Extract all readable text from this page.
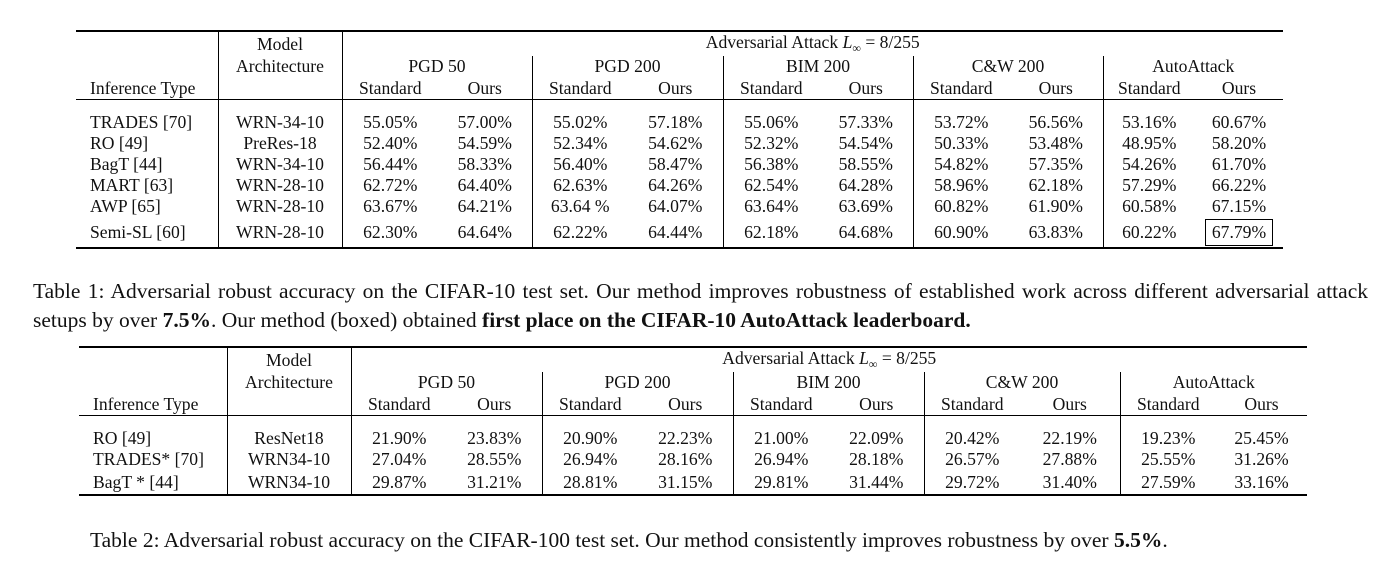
	Model	Adversarial Attack $L_\infty = 8/255$									
	Architecture	PGD 50		PGD 200		BIM 200		C&W 200		AutoAttack	
Inference Type		Standard	Ours	Standard	Ours	Standard	Ours	Standard	Ours	Standard	Ours

TRADES [70]	WRN-34-10	55.05%	57.00%	55.02%	57.18%	55.06%	57.33%	53.72%	56.56%	53.16%	60.67%
RO [49]	PreRes-18	52.40%	54.59%	52.34%	54.62%	52.32%	54.54%	50.33%	53.48%	48.95%	58.20%
BagT [44]	WRN-34-10	56.44%	58.33%	56.40%	58.47%	56.38%	58.55%	54.82%	57.35%	54.26%	61.70%
MART [63]	WRN-28-10	62.72%	64.40%	62.63%	64.26%	62.54%	64.28%	58.96%	62.18%	57.29%	66.22%
AWP [65]	WRN-28-10	63.67%	64.21%	63.64 %	64.07%	63.64%	63.69%	60.82%	61.90%	60.58%	67.15%
Semi-SL [60]	WRN-28-10	62.30%	64.64%	62.22%	64.44%	62.18%	64.68%	60.90%	63.83%	60.22%	67.79%
Table 1: Adversarial robust accuracy on the CIFAR-10 test set. Our method improves robustness of established work across different adversarial attack setups by over 7.5%. Our method (boxed) obtained first place on the CIFAR-10 AutoAttack leaderboard.
	Model	Adversarial Attack $L_\infty = 8/255$									
	Architecture	PGD 50		PGD 200		BIM 200		C&W 200		AutoAttack	
Inference Type		Standard	Ours	Standard	Ours	Standard	Ours	Standard	Ours	Standard	Ours

RO [49]	ResNet18	21.90%	23.83%	20.90%	22.23%	21.00%	22.09%	20.42%	22.19%	19.23%	25.45%
TRADES* [70]	WRN34-10	27.04%	28.55%	26.94%	28.16%	26.94%	28.18%	26.57%	27.88%	25.55%	31.26%
BagT * [44]	WRN34-10	29.87%	31.21%	28.81%	31.15%	29.81%	31.44%	29.72%	31.40%	27.59%	33.16%
Table 2: Adversarial robust accuracy on the CIFAR-100 test set. Our method consistently improves robustness by over 5.5%.
